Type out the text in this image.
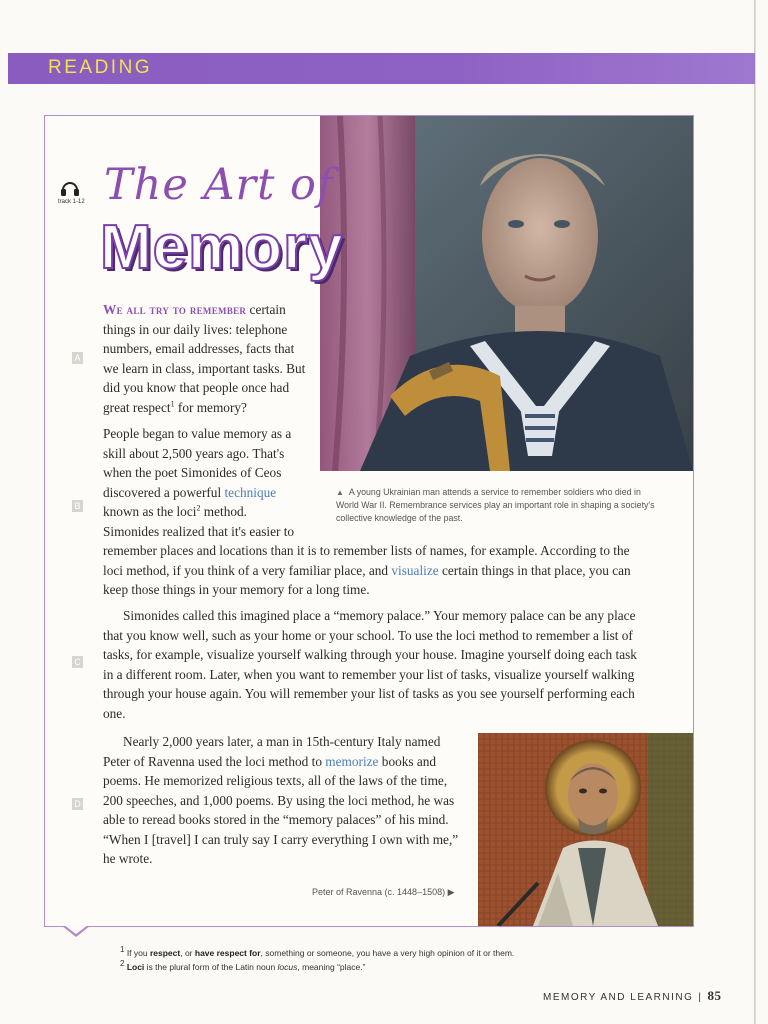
READING
track 1-12 The Art of
Memory
A
B
C
D
We all try to remember certain things in our daily lives: telephone numbers, email addresses, facts that we learn in class, important tasks. But did you know that people once had great respect$^1$ for memory?
People began to value memory as a skill about 2,500 years ago. That's when the poet Simonides of Ceos discovered a powerful technique known as the loci$^2$ method. Simonides realized that it's easier to
remember places and locations than it is to remember lists of names, for example. According to the loci method, if you think of a very familiar place, and visualize certain things in that place, you can keep those things in your memory for a long time.
▲ A young Ukrainian man attends a service to remember soldiers who died in World War II. Remembrance services play an important role in shaping a society's collective knowledge of the past.
Simonides called this imagined place a “memory palace.” Your memory palace can be any place that you know well, such as your home or your school. To use the loci method to remember a list of tasks, for example, visualize yourself walking through your house. Imagine yourself doing each task in a different room. Later, when you want to remember your list of tasks, visualize yourself walking through your house again. You will remember your list of tasks as you see yourself performing each one.
Nearly 2,000 years later, a man in 15th-century Italy named Peter of Ravenna used the loci method to memorize books and poems. He memorized religious texts, all of the laws of the time, 200 speeches, and 1,000 poems. By using the loci method, he was able to reread books stored in the “memory palaces” of his mind. “When I [travel] I can truly say I carry everything I own with me,” he wrote.
Peter of Ravenna (c. 1448–1508) ▶
$^1$ If you respect, or have respect for, something or someone, you have a very high opinion of it or them.
$^2$ Loci is the plural form of the Latin noun locus, meaning “place.”
MEMORY AND LEARNING | 85
